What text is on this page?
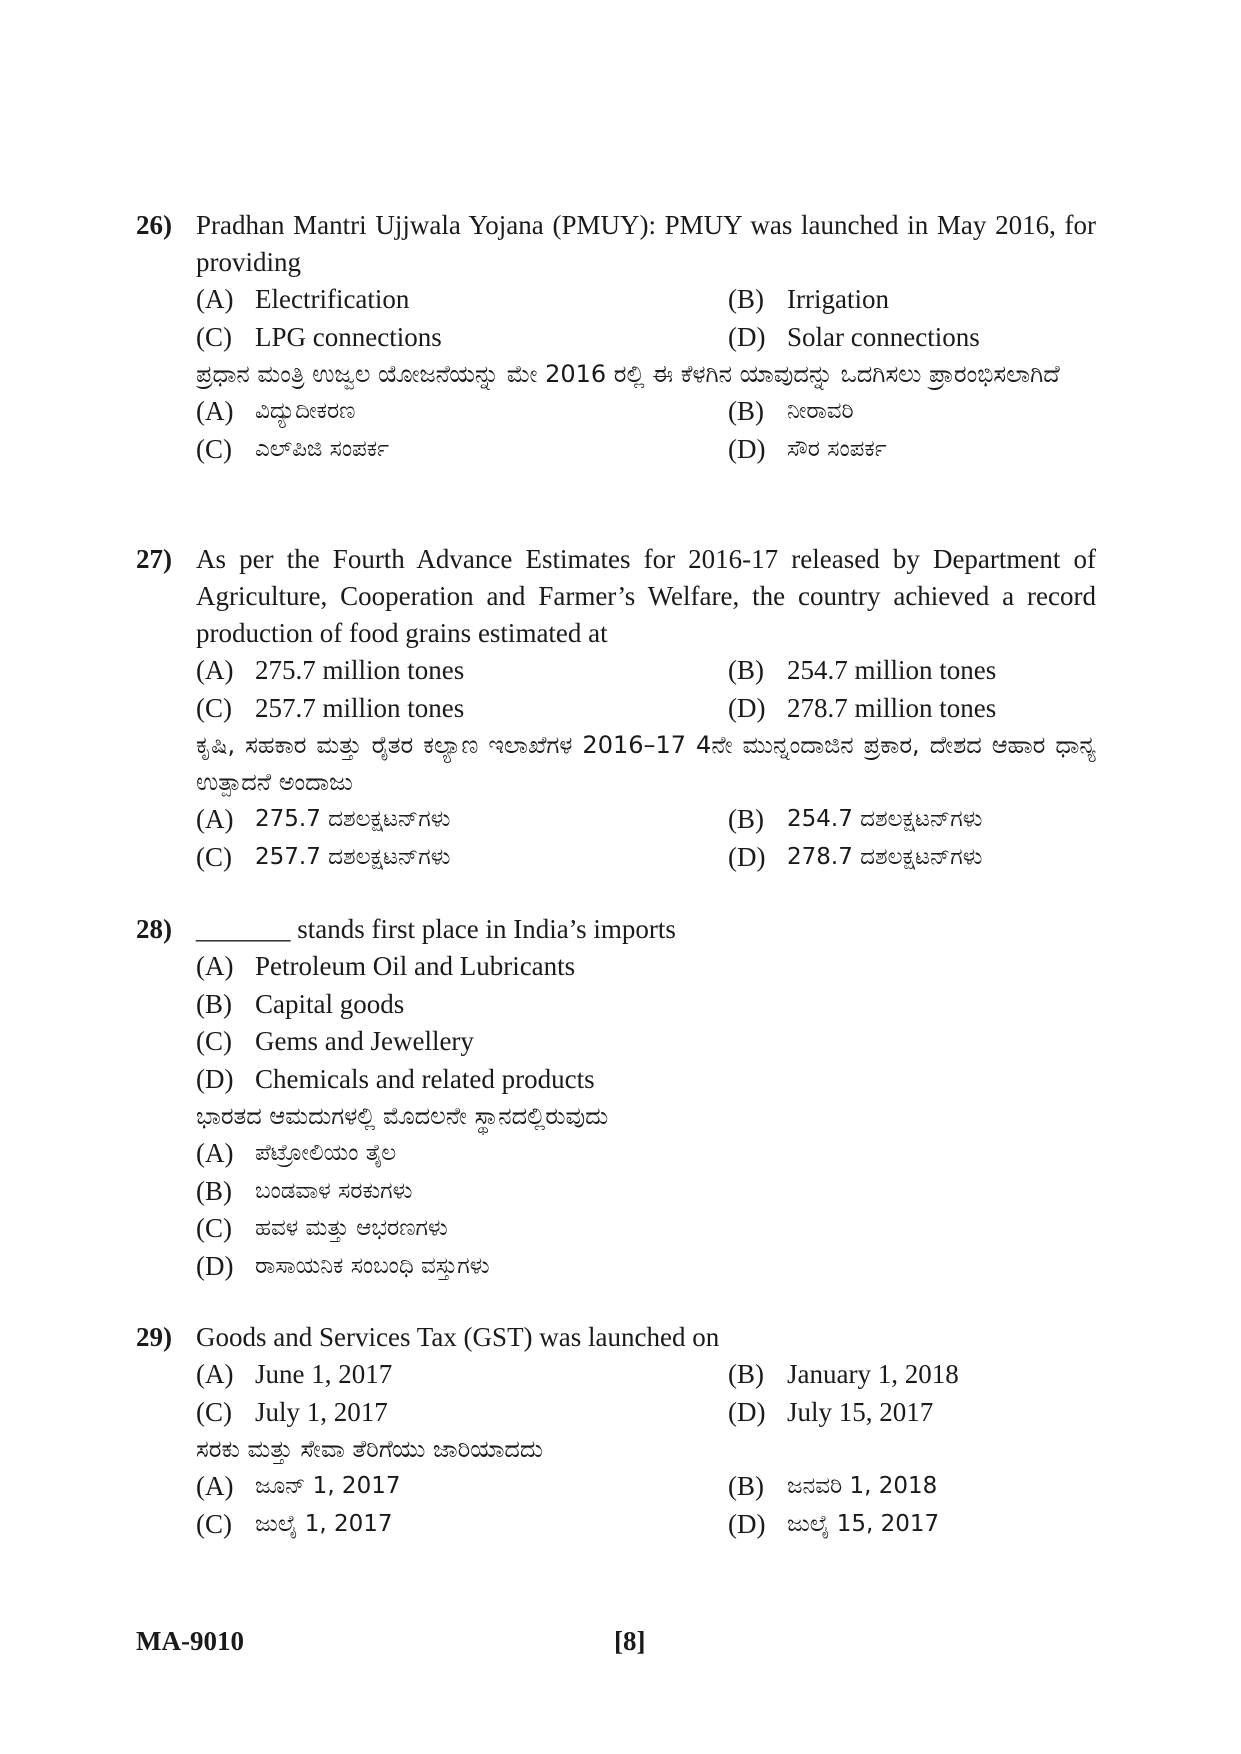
26) Pradhan Mantri Ujjwala Yojana (PMUY): PMUY was launched in May 2016, for providing
(A) Electrification	(B) Irrigation
(C) LPG connections	(D) Solar connections
ಪ್ರಧಾನ ಮಂತ್ರಿ ಉಜ್ವಲ ಯೋಜನೆಯನ್ನು ಮೇ 2016 ರಲ್ಲಿ ಈ ಕೆಳಗಿನ ಯಾವುದನ್ನು ಒದಗಿಸಲು ಪ್ರಾರಂಭಿಸಲಾಗಿದೆ
(A) ವಿದ್ಯುದೀಕರಣ	(B)	ನೀರಾವರಿ
(C)	ಎಲ್‌ಪಿಜಿ ಸಂಪರ್ಕ	(D) ಸೌರ ಸಂಪರ್ಕ
27) As per the Fourth Advance Estimates for 2016-17 released by Department of Agriculture, Cooperation and Farmer’s Welfare, the country achieved a record production of food grains estimated at
(A) 275.7 million tones	(B) 254.7 million tones
(C) 257.7 million tones	(D) 278.7 million tones
ಕೃಷಿ, ಸಹಕಾರ ಮತ್ತು ರೈತರ ಕಲ್ಯಾಣ ಇಲಾಖೆಗಳ 2016–17 4ನೇ ಮುನ್ನಂದಾಜಿನ ಪ್ರಕಾರ, ದೇಶದ ಆಹಾರ ಧಾನ್ಯ ಉತ್ಪಾದನೆ ಅಂದಾಜು
(A) 275.7 ದಶಲಕ್ಷಟನ್‌ಗಳು	(B)	254.7 ದಶಲಕ್ಷಟನ್‌ಗಳು
(C)	257.7 ದಶಲಕ್ಷಟನ್‌ಗಳು	(D) 278.7 ದಶಲಕ್ಷಟನ್‌ಗಳು
28) _______ stands first place in India’s imports
(A) Petroleum Oil and Lubricants
(B) Capital goods
(C) Gems and Jewellery
(D) Chemicals and related products
ಭಾರತದ ಆಮದುಗಳಲ್ಲಿ ಮೊದಲನೇ ಸ್ಥಾನದಲ್ಲಿರುವುದು
(A) ಪೆಟ್ರೋಲಿಯಂ ತೈಲ
(B)	ಬಂಡವಾಳ ಸರಕುಗಳು
(C)	ಹವಳ ಮತ್ತು ಆಭರಣಗಳು
(D) ರಾಸಾಯನಿಕ ಸಂಬಂಧಿ ವಸ್ತುಗಳು
29) Goods and Services Tax (GST) was launched on
(A) June 1, 2017	(B) January 1, 2018
(C) July 1, 2017	(D) July 15, 2017
ಸರಕು ಮತ್ತು ಸೇವಾ ತೆರಿಗೆಯು ಜಾರಿಯಾದದು
(A) ಜೂನ್ 1, 2017	(B)	ಜನವರಿ 1, 2018
(C)	ಜುಲೈ 1, 2017	(D) ಜುಲೈ 15, 2017
MA-9010	[8]
